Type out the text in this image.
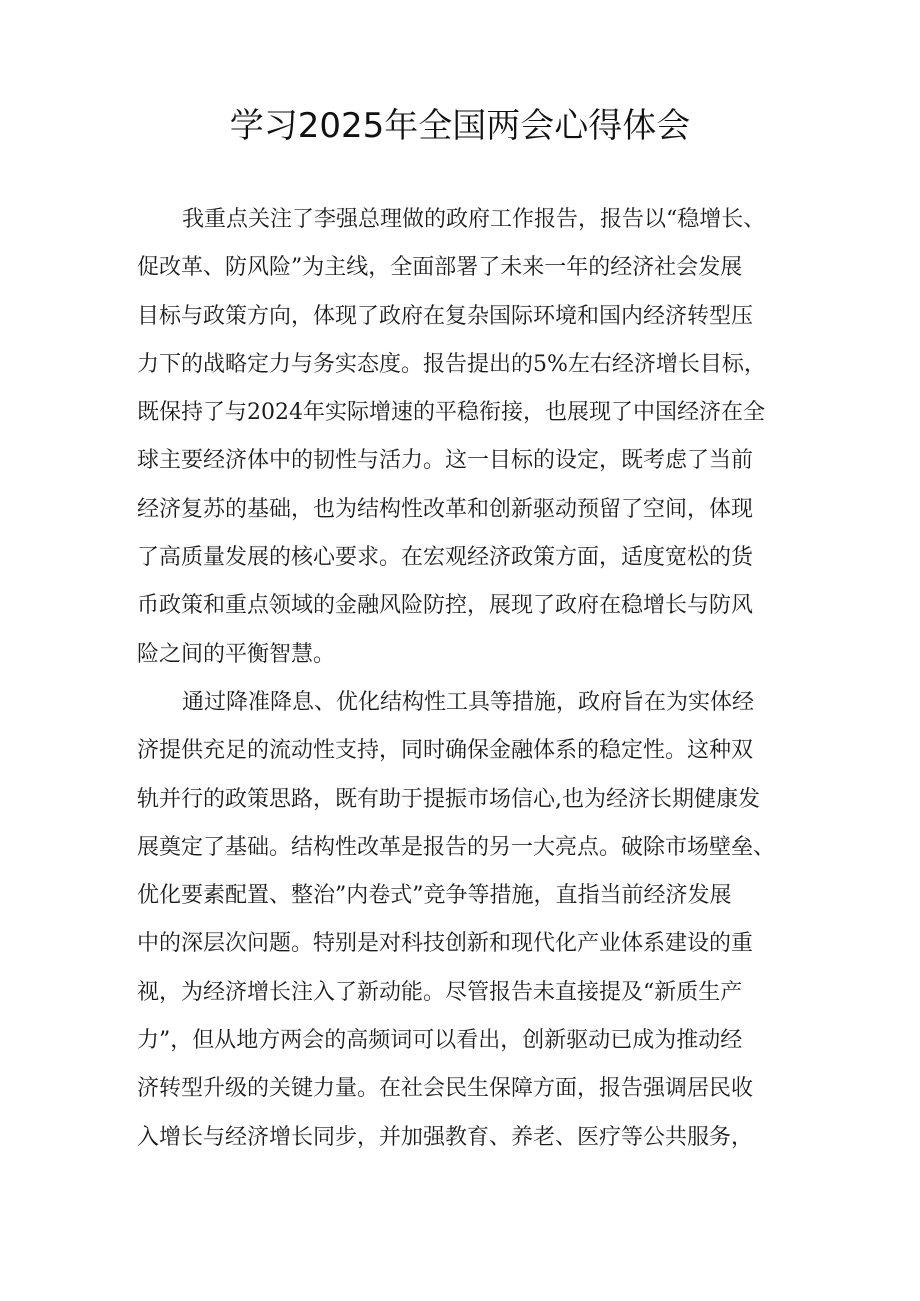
学习2025年全国两会心得体会

我重点关注了李强总理做的政府工作报告，报告以“稳增长、

促改革、防风险”为主线，全面部署了未来一年的经济社会发展

目标与政策方向，体现了政府在复杂国际环境和国内经济转型压

力下的战略定力与务实态度。报告提出的5%左右经济增长目标，

既保持了与2024年实际增速的平稳衔接，也展现了中国经济在全

球主要经济体中的韧性与活力。这一目标的设定，既考虑了当前

经济复苏的基础，也为结构性改革和创新驱动预留了空间，体现

了高质量发展的核心要求。在宏观经济政策方面，适度宽松的货

币政策和重点领域的金融风险防控，展现了政府在稳增长与防风

险之间的平衡智慧。

通过降准降息、优化结构性工具等措施，政府旨在为实体经

济提供充足的流动性支持，同时确保金融体系的稳定性。这种双

轨并行的政策思路，既有助于提振市场信心,也为经济长期健康发

展奠定了基础。结构性改革是报告的另一大亮点。破除市场壁垒、

优化要素配置、整治”内卷式”竞争等措施，直指当前经济发展

中的深层次问题。特别是对科技创新和现代化产业体系建设的重

视，为经济增长注入了新动能。尽管报告未直接提及“新质生产

力”，但从地方两会的高频词可以看出，创新驱动已成为推动经

济转型升级的关键力量。在社会民生保障方面，报告强调居民收

入增长与经济增长同步，并加强教育、养老、医疗等公共服务，
